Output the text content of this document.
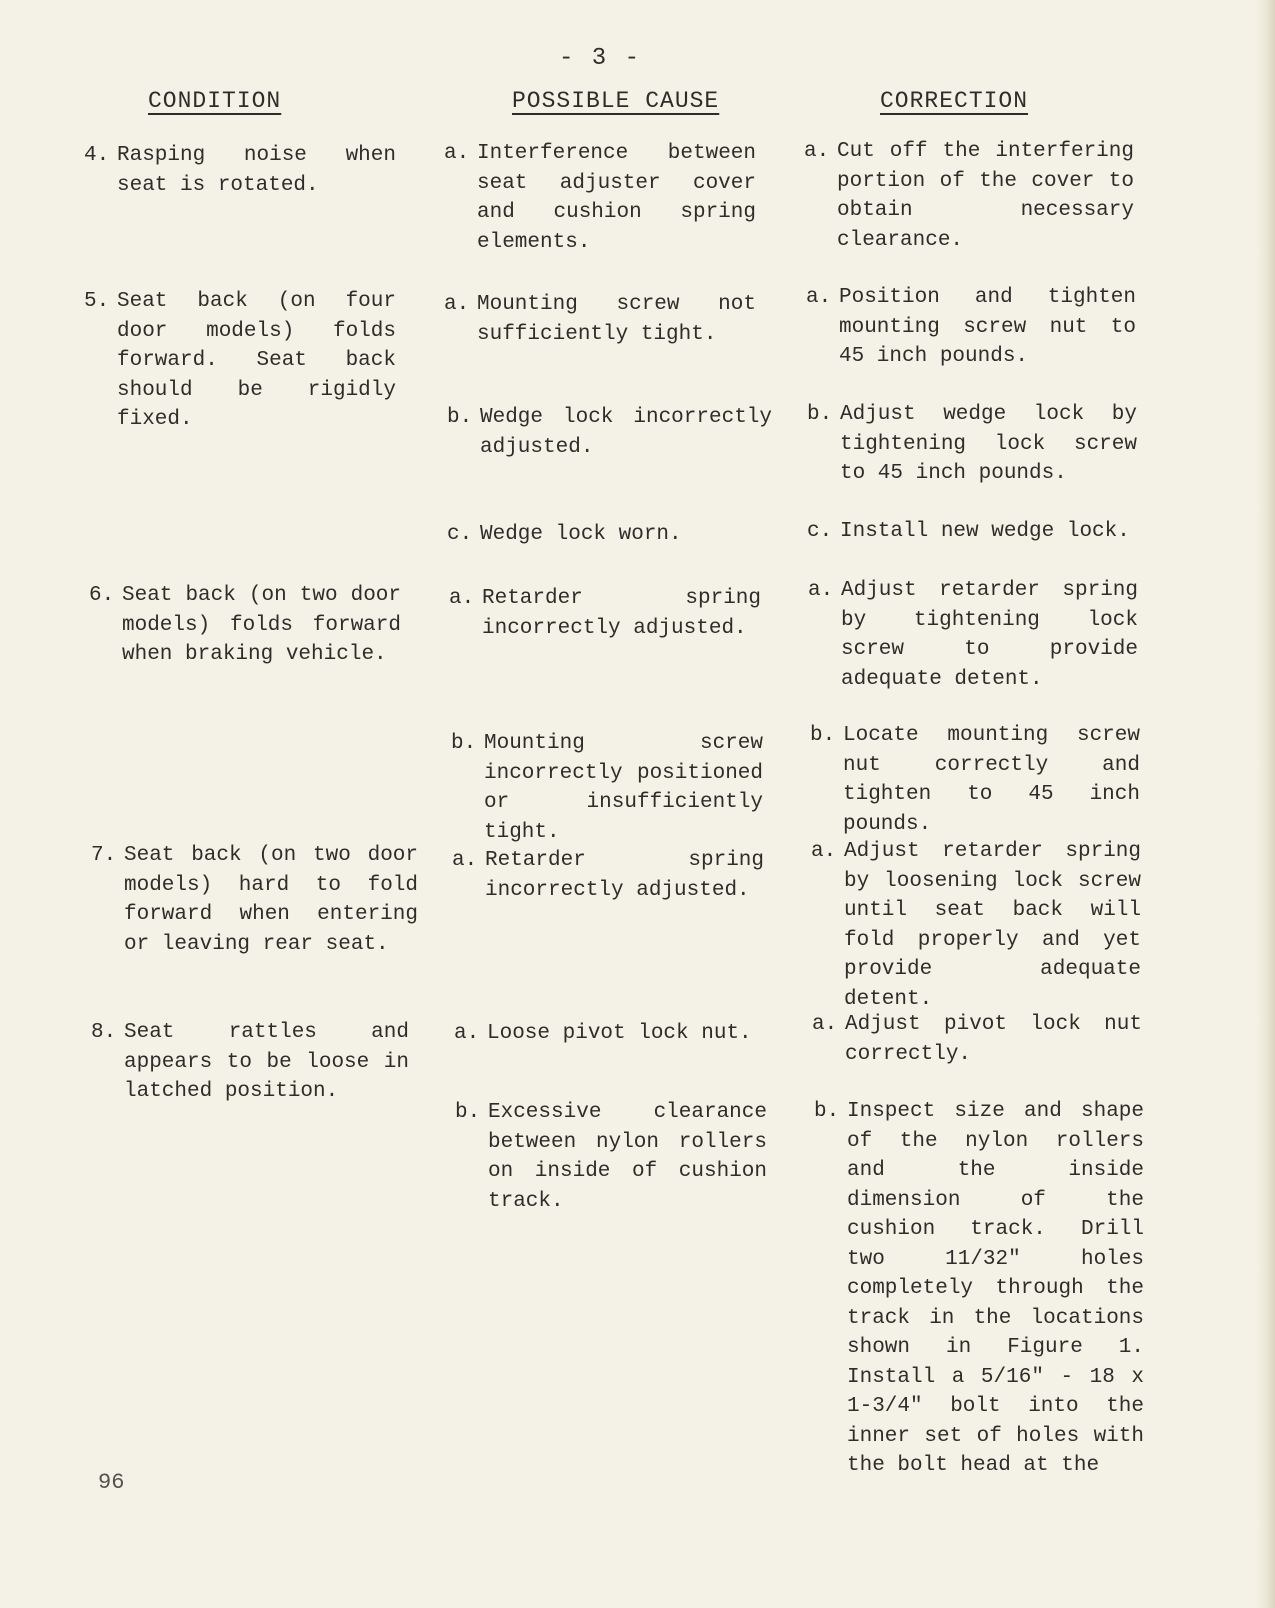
- 3 -
CONDITION	POSSIBLE CAUSE	CORRECTION
4. Rasping noise when seat is rotated.
5. Seat back (on four door models) folds forward. Seat back should be rigidly fixed.
6. Seat back (on two door models) folds forward when braking vehicle.
7. Seat back (on two door models) hard to fold forward when entering or leaving rear seat.
8. Seat rattles and appears to be loose in latched position.
a. Interference between seat adjuster cover and cushion spring elements.
a. Mounting screw not sufficiently tight.
b. Wedge lock incorrectly adjusted.
c. Wedge lock worn.
a. Retarder spring incorrectly adjusted.
b. Mounting screw incorrectly positioned or insufficiently tight.
a. Retarder spring incorrectly adjusted.
a. Loose pivot lock nut.
b. Excessive clearance between nylon rollers on inside of cushion track.
a. Cut off the interfering portion of the cover to obtain necessary clearance.
a. Position and tighten mounting screw nut to 45 inch pounds.
b. Adjust wedge lock by tightening lock screw to 45 inch pounds.
c. Install new wedge lock.
a. Adjust retarder spring by tightening lock screw to provide adequate detent.
b. Locate mounting screw nut correctly and tighten to 45 inch pounds.
a. Adjust retarder spring by loosening lock screw until seat back will fold properly and yet provide adequate detent.
a. Adjust pivot lock nut correctly.
b. Inspect size and shape of the nylon rollers and the inside dimension of the cushion track. Drill two 11/32" holes completely through the track in the locations shown in Figure 1. Install a 5/16" - 18 x 1-3/4" bolt into the inner set of holes with the bolt head at the
96
